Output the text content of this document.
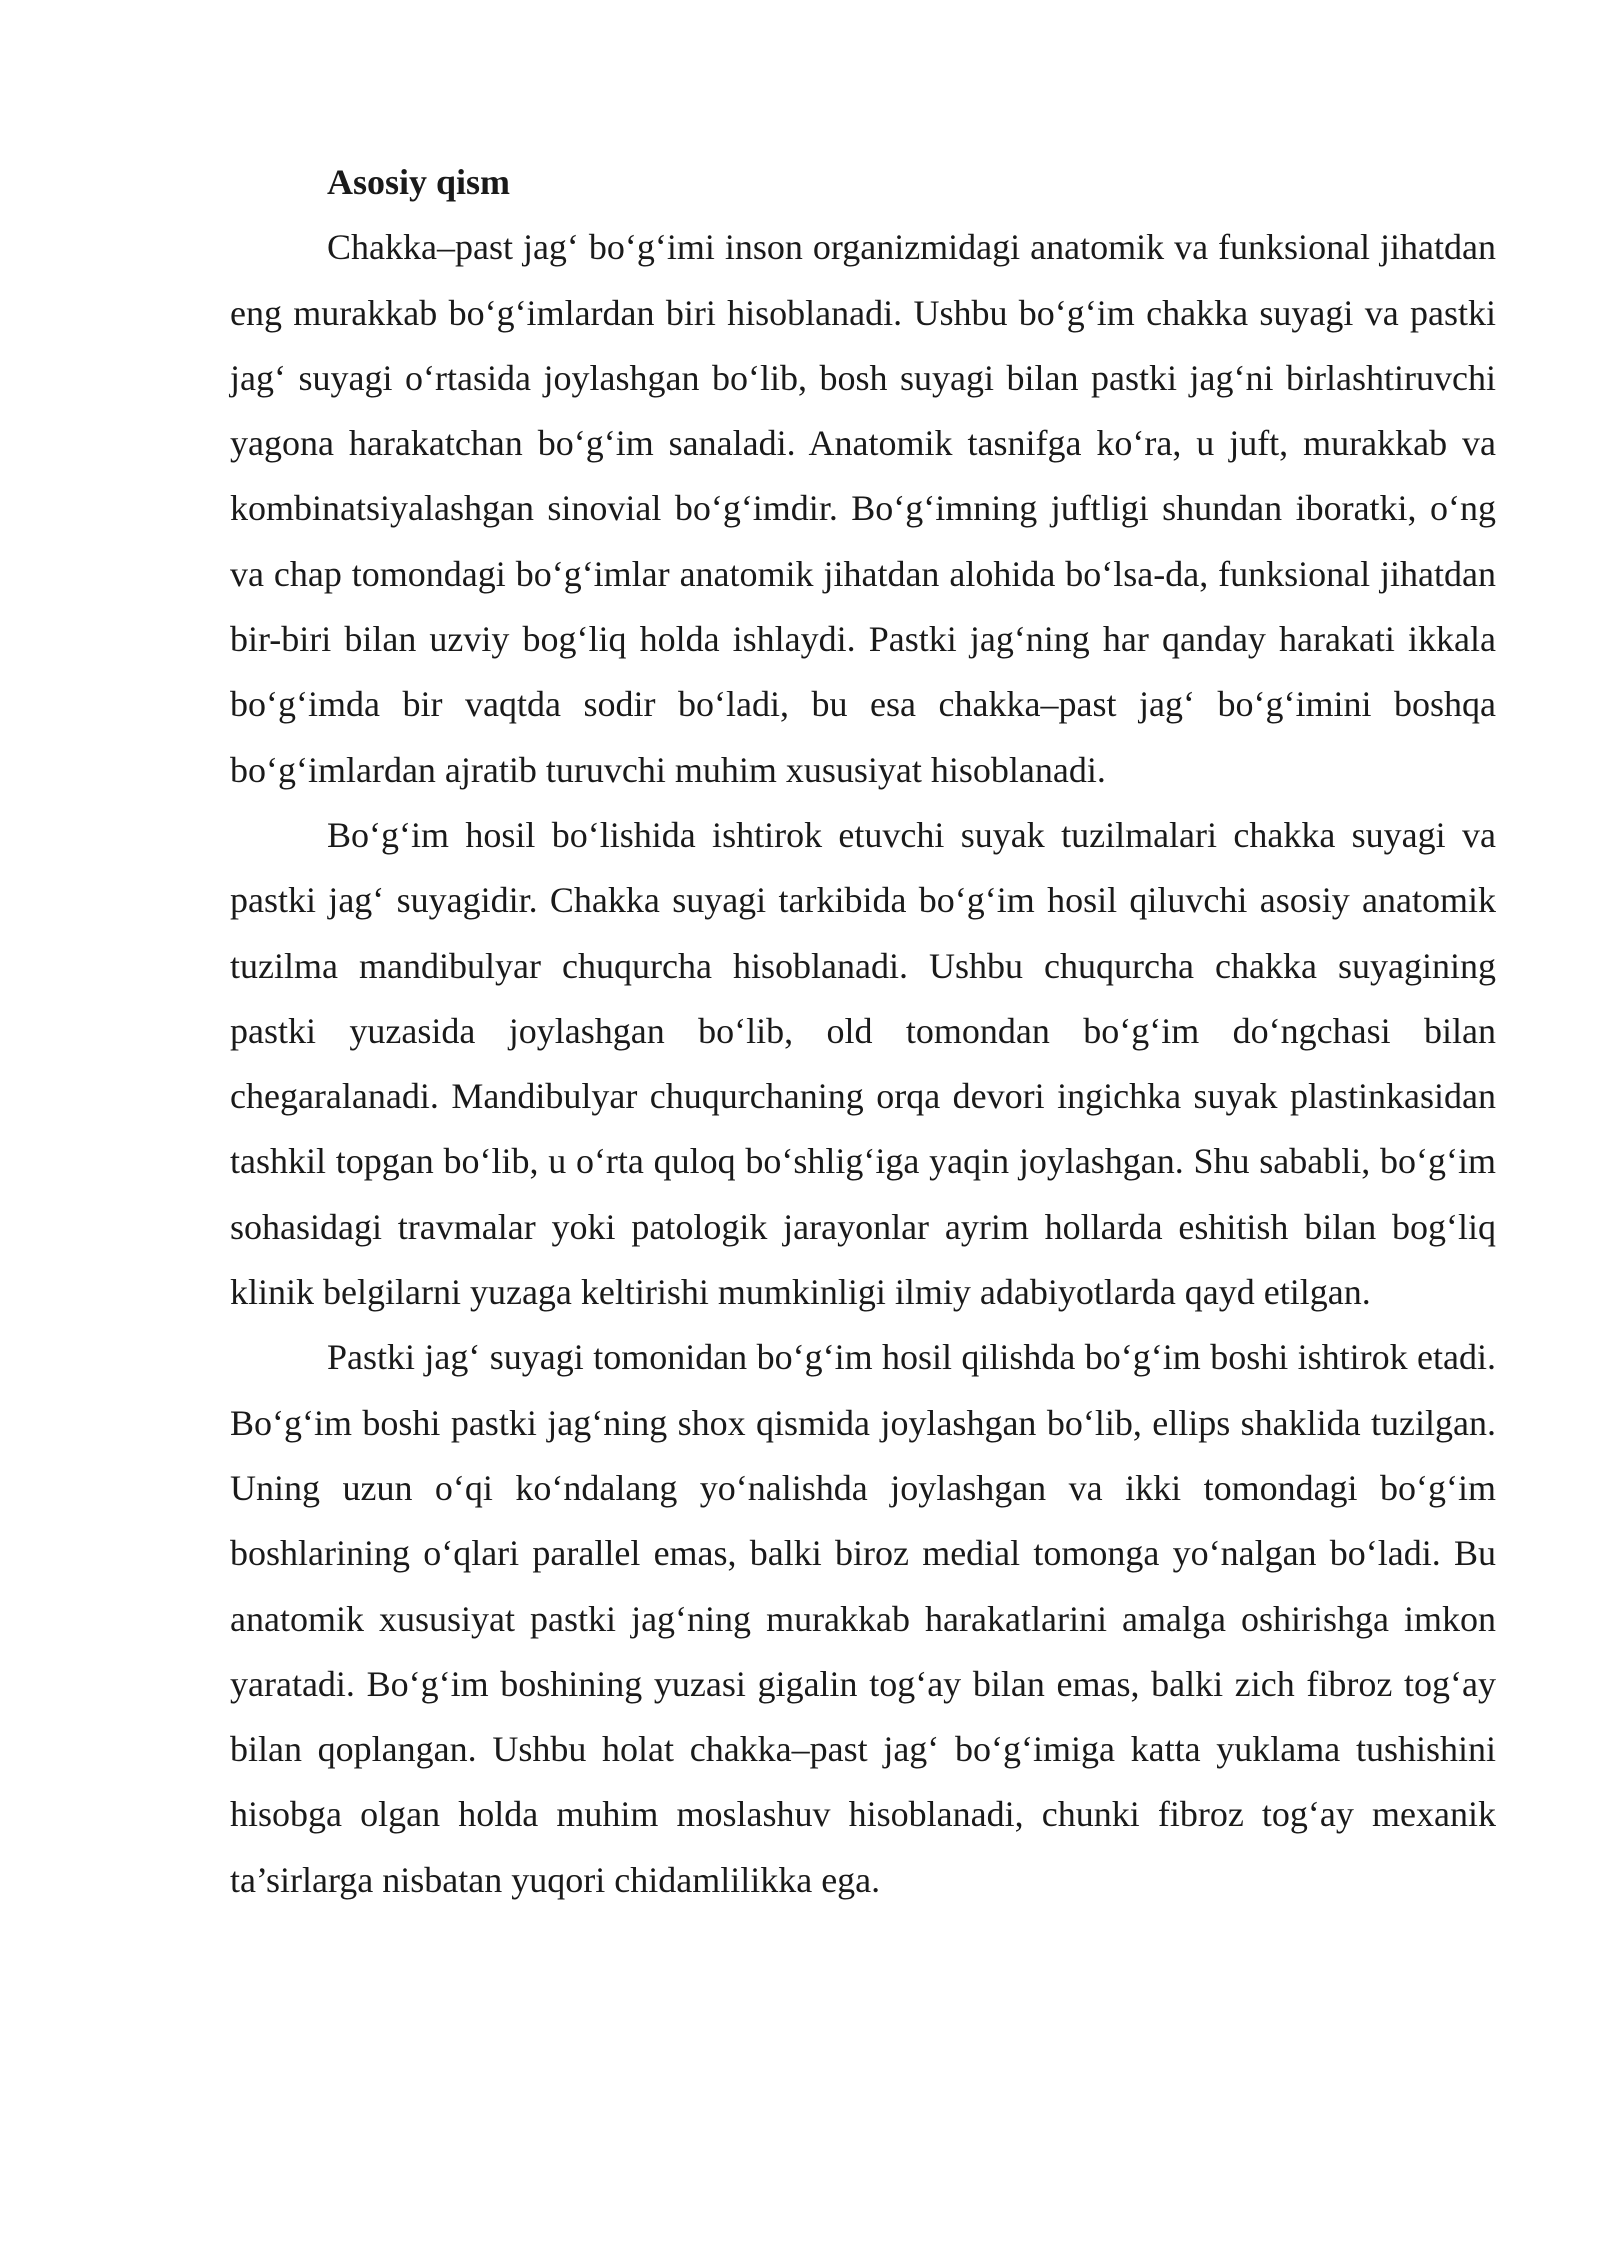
Asosiy qism

Chakka–past jag‘ bo‘g‘imi inson organizmidagi anatomik va funksional jihatdan eng murakkab bo‘g‘imlardan biri hisoblanadi. Ushbu bo‘g‘im chakka suyagi va pastki jag‘ suyagi o‘rtasida joylashgan bo‘lib, bosh suyagi bilan pastki jag‘ni birlashtiruvchi yagona harakatchan bo‘g‘im sanaladi. Anatomik tasnifga ko‘ra, u juft, murakkab va kombinatsiyalashgan sinovial bo‘g‘imdir. Bo‘g‘imning juftligi shundan iboratki, o‘ng va chap tomondagi bo‘g‘imlar anatomik jihatdan alohida bo‘lsa-da, funksional jihatdan bir-biri bilan uzviy bog‘liq holda ishlaydi. Pastki jag‘ning har qanday harakati ikkala bo‘g‘imda bir vaqtda sodir bo‘ladi, bu esa chakka–past jag‘ bo‘g‘imini boshqa bo‘g‘imlardan ajratib turuvchi muhim xususiyat hisoblanadi.

Bo‘g‘im hosil bo‘lishida ishtirok etuvchi suyak tuzilmalari chakka suyagi va pastki jag‘ suyagidir. Chakka suyagi tarkibida bo‘g‘im hosil qiluvchi asosiy anatomik tuzilma mandibulyar chuqurcha hisoblanadi. Ushbu chuqurcha chakka suyagining pastki yuzasida joylashgan bo‘lib, old tomondan bo‘g‘im do‘ngchasi bilan chegaralanadi. Mandibulyar chuqurchaning orqa devori ingichka suyak plastinkasidan tashkil topgan bo‘lib, u o‘rta quloq bo‘shlig‘iga yaqin joylashgan. Shu sababli, bo‘g‘im sohasidagi travmalar yoki patologik jarayonlar ayrim hollarda eshitish bilan bog‘liq klinik belgilarni yuzaga keltirishi mumkinligi ilmiy adabiyotlarda qayd etilgan.

Pastki jag‘ suyagi tomonidan bo‘g‘im hosil qilishda bo‘g‘im boshi ishtirok etadi. Bo‘g‘im boshi pastki jag‘ning shox qismida joylashgan bo‘lib, ellips shaklida tuzilgan. Uning uzun o‘qi ko‘ndalang yo‘nalishda joylashgan va ikki tomondagi bo‘g‘im boshlarining o‘qlari parallel emas, balki biroz medial tomonga yo‘nalgan bo‘ladi. Bu anatomik xususiyat pastki jag‘ning murakkab harakatlarini amalga oshirishga imkon yaratadi. Bo‘g‘im boshining yuzasi gigalin tog‘ay bilan emas, balki zich fibroz tog‘ay bilan qoplangan. Ushbu holat chakka–past jag‘ bo‘g‘imiga katta yuklama tushishini hisobga olgan holda muhim moslashuv hisoblanadi, chunki fibroz tog‘ay mexanik ta’sirlarga nisbatan yuqori chidamlilikka ega.
